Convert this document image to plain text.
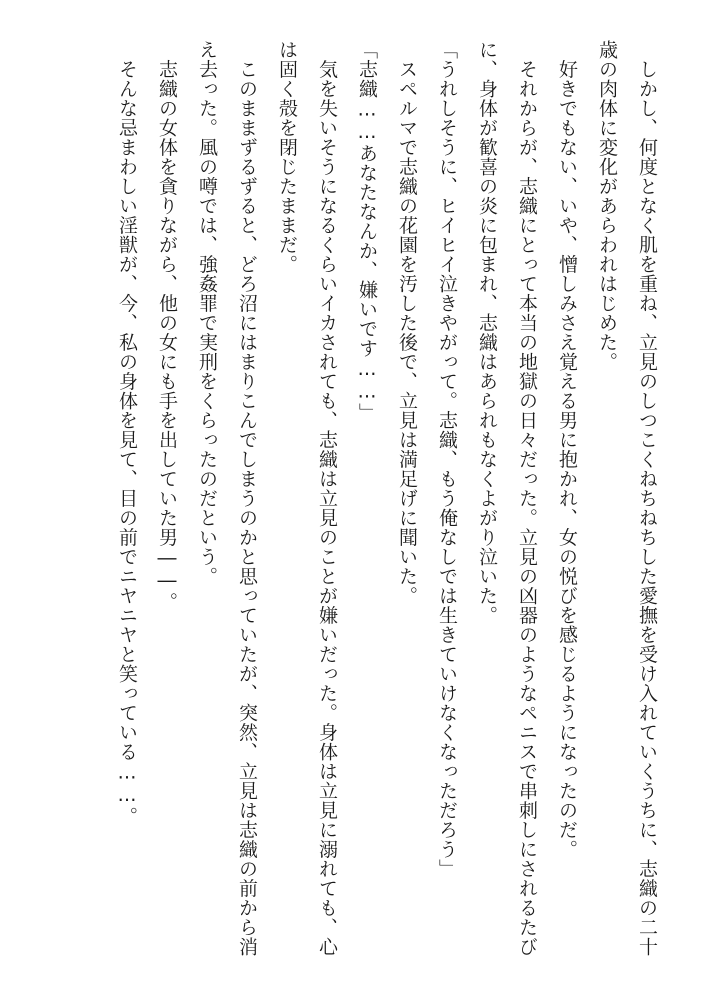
　しかし、何度となく肌を重ね、立見のしつこくねちねちした愛撫を受け入れていくうちに、志織の二十歳の肉体に変化があらわれはじめた。

　好きでもない、いや、憎しみさえ覚える男に抱かれ、女の悦びを感じるようになったのだ。

　それからが、志織にとって本当の地獄の日々だった。立見の凶器のようなペニスで串刺しにされるたびに、身体が歓喜の炎に包まれ、志織はあられもなくよがり泣いた。

「うれしそうに、ヒイヒイ泣きやがって。志織、もう俺なしでは生きていけなくなっただろう」

　スペルマで志織の花園を汚した後で、立見は満足げに聞いた。

「志織……あなたなんか、嫌いです……」

　気を失いそうになるくらいイカされても、志織は立見のことが嫌いだった。身体は立見に溺れても、心は固く殻を閉じたままだ。

　このままずるずると、どろ沼にはまりこんでしまうのかと思っていたが、突然、立見は志織の前から消え去った。風の噂では、強姦罪で実刑をくらったのだという。

　志織の女体を貪りながら、他の女にも手を出していた男――。

　そんな忌まわしい淫獣が、今、私の身体を見て、目の前でニヤニヤと笑っている……。
